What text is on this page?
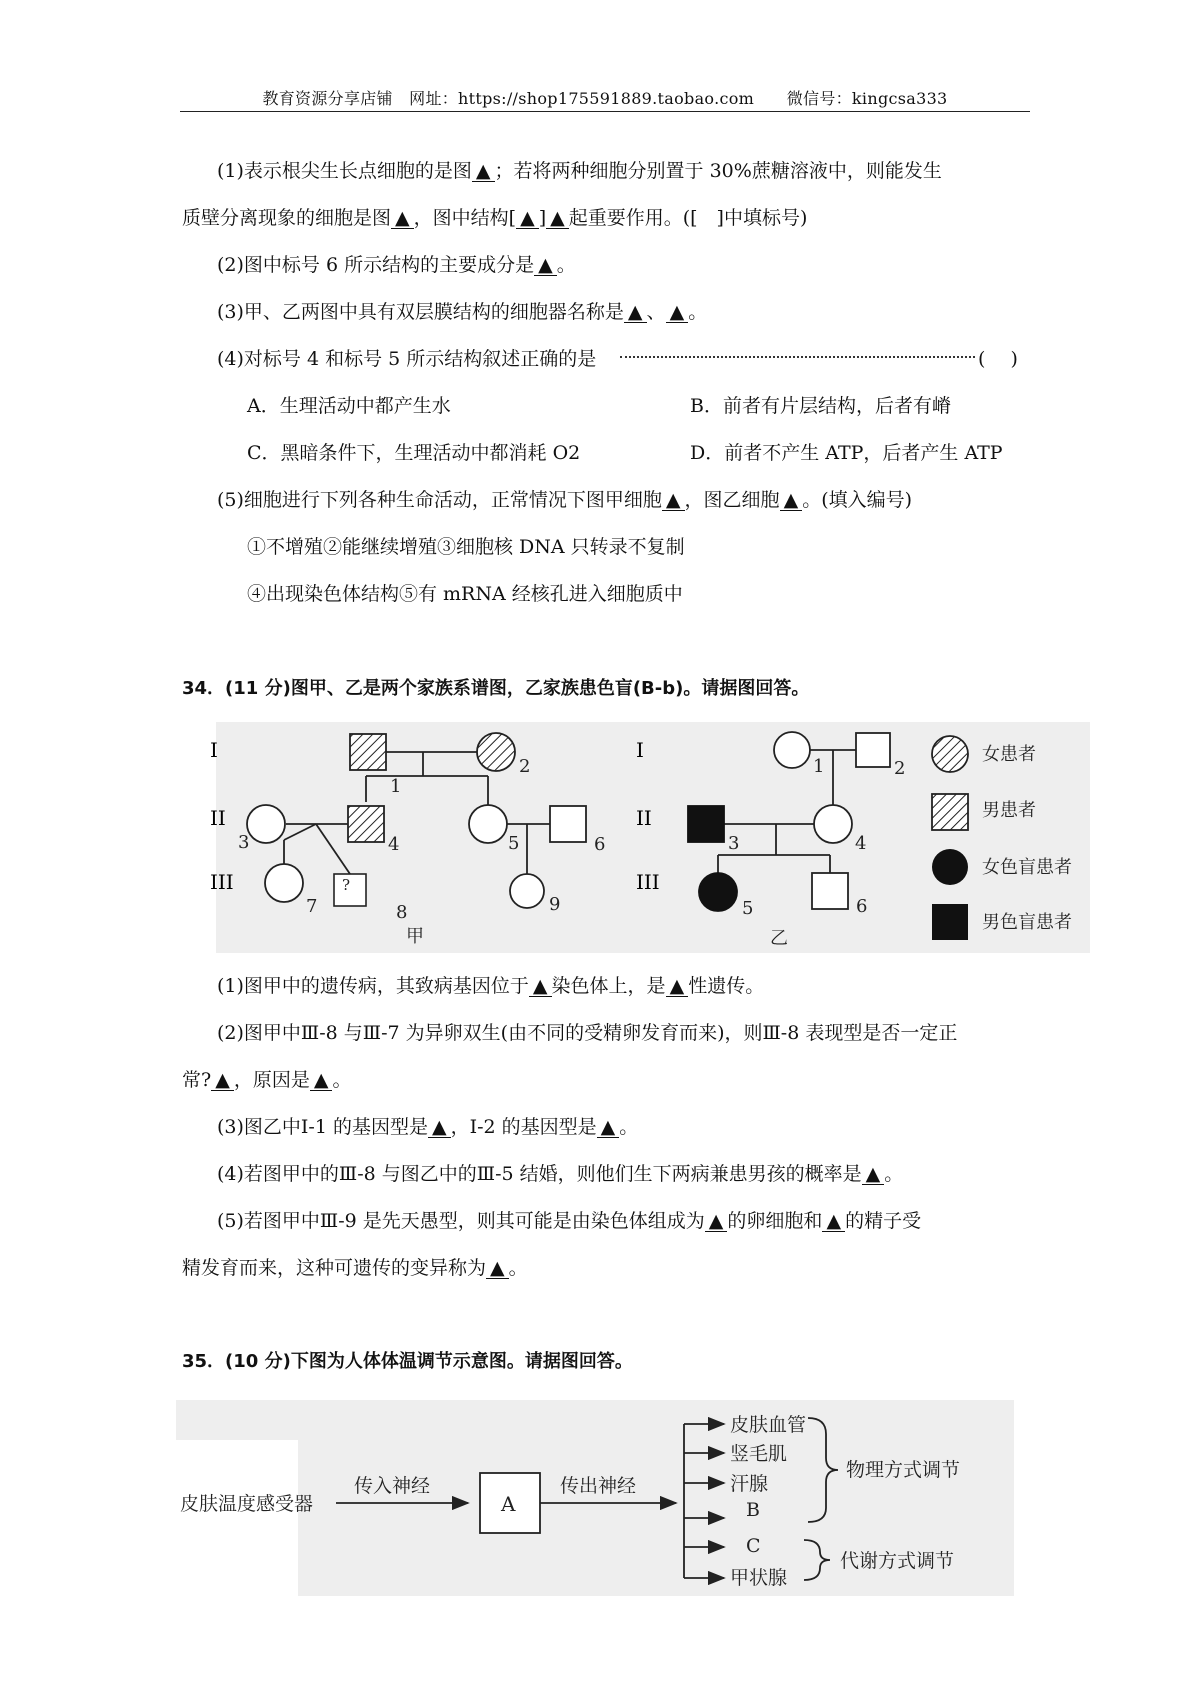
教育资源分享店铺　网址：https://shop175591889.taobao.com　　微信号：kingcsa333
(1)表示根尖生长点细胞的是图 ▲ ；若将两种细胞分别置于 30%蔗糖溶液中，则能发生
质壁分离现象的细胞是图 ▲ ，图中结构[ ▲ ] ▲ 起重要作用。([　]中填标号)
(2)图中标号 6 所示结构的主要成分是 ▲ 。
(3)甲、乙两图中具有双层膜结构的细胞器名称是 ▲ 、 ▲ 。
(4)对标号 4 和标号 5 所示结构叙述正确的是	(　 )
A．生理活动中都产生水	B．前者有片层结构，后者有嵴
C．黑暗条件下，生理活动中都消耗 O2	D．前者不产生 ATP，后者产生 ATP
(5)细胞进行下列各种生命活动，正常情况下图甲细胞 ▲ ，图乙细胞 ▲ 。(填入编号)
①不增殖②能继续增殖③细胞核 DNA 只转录不复制
④出现染色体结构⑤有 mRNA 经核孔进入细胞质中
34．(11 分)图甲、乙是两个家族系谱图，乙家族患色盲(B-b)。请据图回答。
I
II
III	?
1
2
3	4	5	6
7	8	9
甲
I
II
III
1	2
3	4
5	6
乙
女患者
男患者
女色盲患者
男色盲患者
(1)图甲中的遗传病，其致病基因位于 ▲ 染色体上，是 ▲ 性遗传。
(2)图甲中Ⅲ-8 与Ⅲ-7 为异卵双生(由不同的受精卵发育而来)，则Ⅲ-8 表现型是否一定正
常? ▲ ，原因是 ▲ 。
(3)图乙中Ⅰ-1 的基因型是 ▲ ，Ⅰ-2 的基因型是 ▲ 。
(4)若图甲中的Ⅲ-8 与图乙中的Ⅲ-5 结婚，则他们生下两病兼患男孩的概率是 ▲ 。
(5)若图甲中Ⅲ-9 是先天愚型，则其可能是由染色体组成为 ▲ 的卵细胞和 ▲ 的精子受
精发育而来，这种可遗传的变异称为 ▲ 。
35．(10 分)下图为人体体温调节示意图。请据图回答。
皮肤温度感受器
传入神经
A
传出神经
皮肤血管
竖毛肌
汗腺
B
C
甲状腺
物理方式调节
代谢方式调节
